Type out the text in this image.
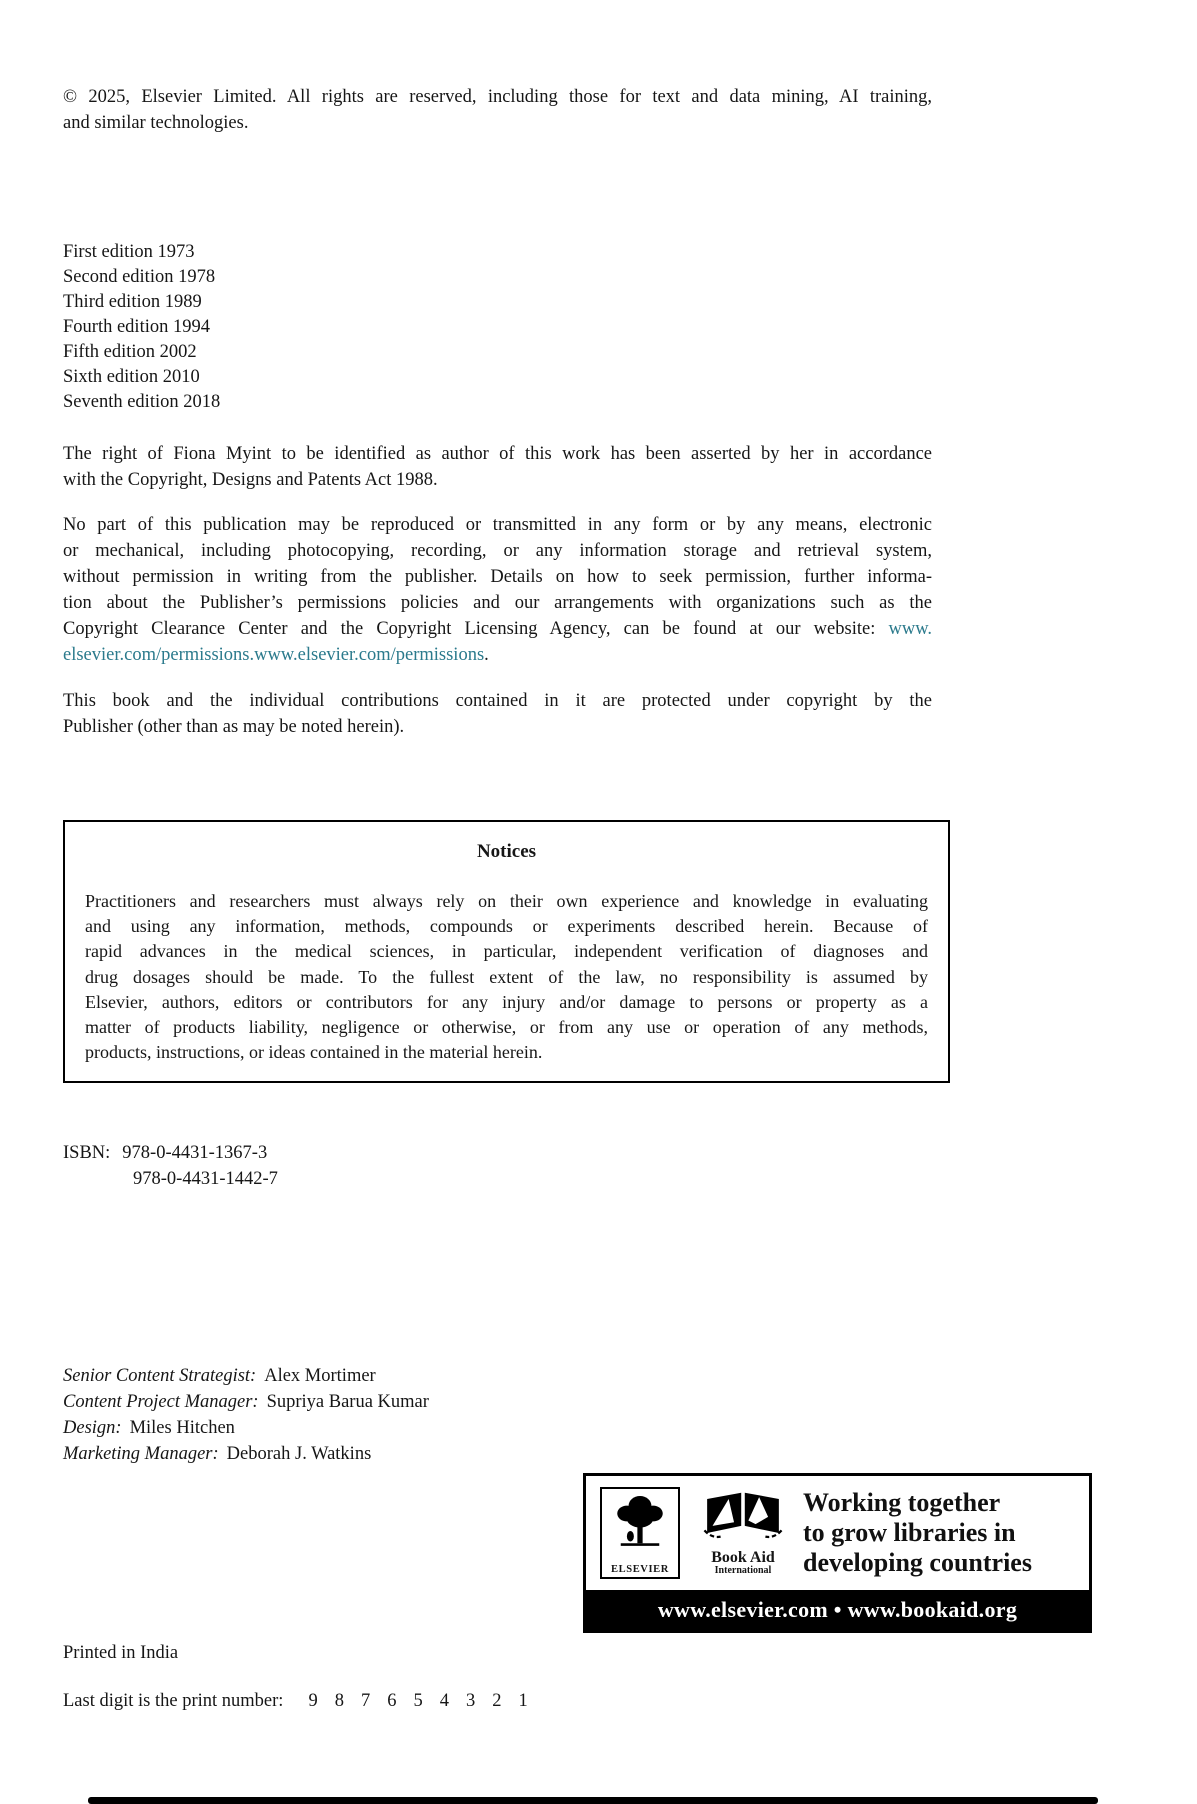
© 2025, Elsevier Limited. All rights are reserved, including those for text and data mining, AI training,
and similar technologies.
First edition 1973
Second edition 1978
Third edition 1989
Fourth edition 1994
Fifth edition 2002
Sixth edition 2010
Seventh edition 2018
The right of Fiona Myint to be identified as author of this work has been asserted by her in accordance
with the Copyright, Designs and Patents Act 1988.
No part of this publication may be reproduced or transmitted in any form or by any means, electronic
or mechanical, including photocopying, recording, or any information storage and retrieval system,
without permission in writing from the publisher. Details on how to seek permission, further informa-
tion about the Publisher’s permissions policies and our arrangements with organizations such as the
Copyright Clearance Center and the Copyright Licensing Agency, can be found at our website: www.
elsevier.com/permissions.www.elsevier.com/permissions.
This book and the individual contributions contained in it are protected under copyright by the
Publisher (other than as may be noted herein).
Notices
Practitioners and researchers must always rely on their own experience and knowledge in evaluating
and using any information, methods, compounds or experiments described herein. Because of
rapid advances in the medical sciences, in particular, independent verification of diagnoses and
drug dosages should be made. To the fullest extent of the law, no responsibility is assumed by
Elsevier, authors, editors or contributors for any injury and/or damage to persons or property as a
matter of products liability, negligence or otherwise, or from any use or operation of any methods,
products, instructions, or ideas contained in the material herein.
ISBN: 978-0-4431-1367-3
978-0-4431-1442-7
Senior Content Strategist: Alex Mortimer
Content Project Manager: Supriya Barua Kumar
Design: Miles Hitchen
Marketing Manager: Deborah J. Watkins
ELSEVIER
Book Aid
International
Working together
to grow libraries in
developing countries
www.elsevier.com • www.bookaid.org
Printed in India
Last digit is the print number: 9 8 7 6 5 4 3 2 1
